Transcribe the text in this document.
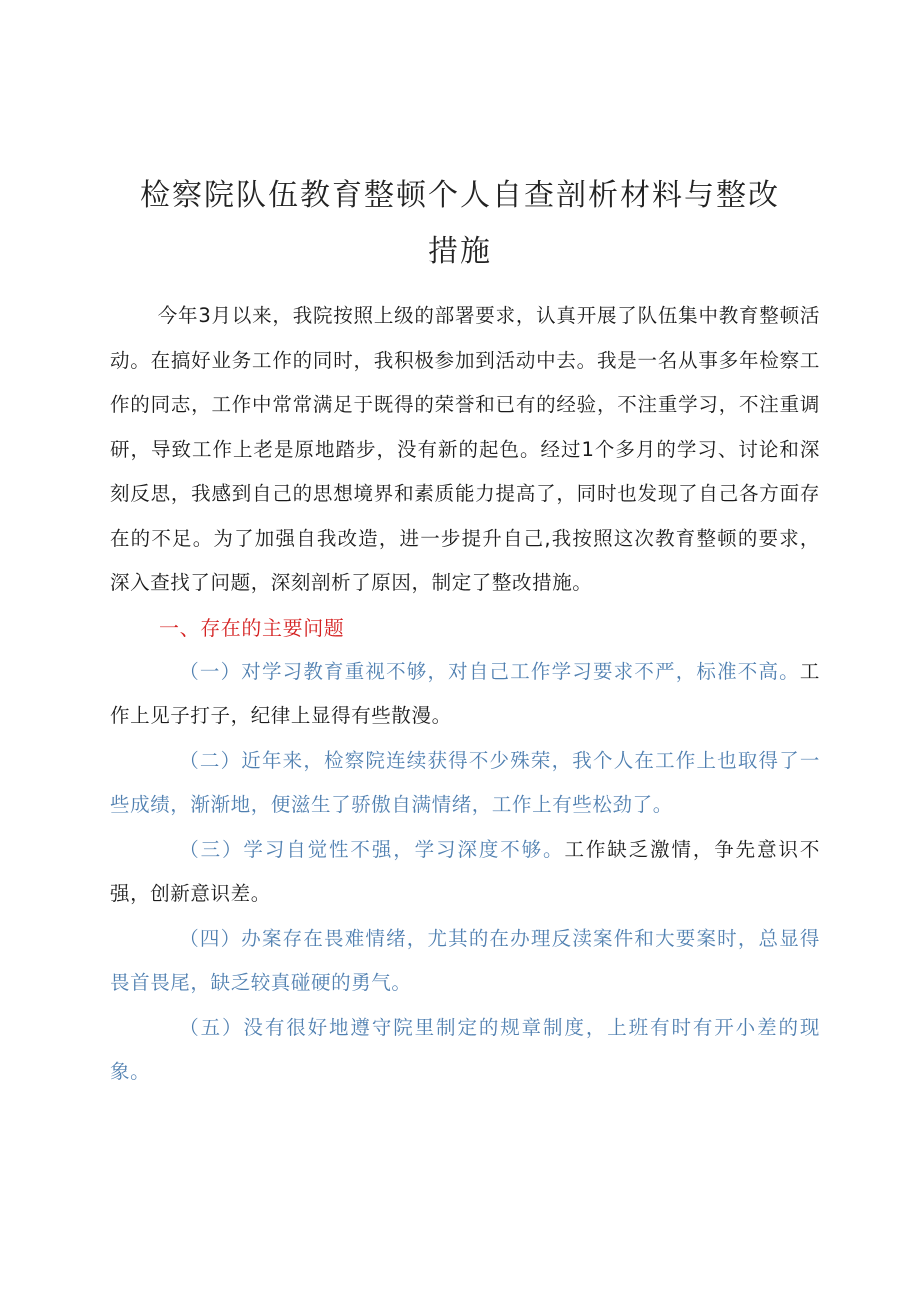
检察院队伍教育整顿个人自查剖析材料与整改
措施

今年3月以来，我院按照上级的部署要求，认真开展了队伍集中教育整顿活动。在搞好业务工作的同时，我积极参加到活动中去。我是一名从事多年检察工作的同志，工作中常常满足于既得的荣誉和已有的经验，不注重学习，不注重调研，导致工作上老是原地踏步，没有新的起色。经过1个多月的学习、讨论和深刻反思，我感到自己的思想境界和素质能力提高了，同时也发现了自己各方面存在的不足。为了加强自我改造，进一步提升自己,我按照这次教育整顿的要求，深入查找了问题，深刻剖析了原因，制定了整改措施。

一、存在的主要问题

（一）对学习教育重视不够，对自己工作学习要求不严，标准不高。工作上见子打子，纪律上显得有些散漫。

（二）近年来，检察院连续获得不少殊荣，我个人在工作上也取得了一些成绩，渐渐地，便滋生了骄傲自满情绪，工作上有些松劲了。

（三）学习自觉性不强，学习深度不够。工作缺乏激情，争先意识不强，创新意识差。

（四）办案存在畏难情绪，尤其的在办理反渎案件和大要案时，总显得畏首畏尾，缺乏较真碰硬的勇气。

（五）没有很好地遵守院里制定的规章制度，上班有时有开小差的现象。
